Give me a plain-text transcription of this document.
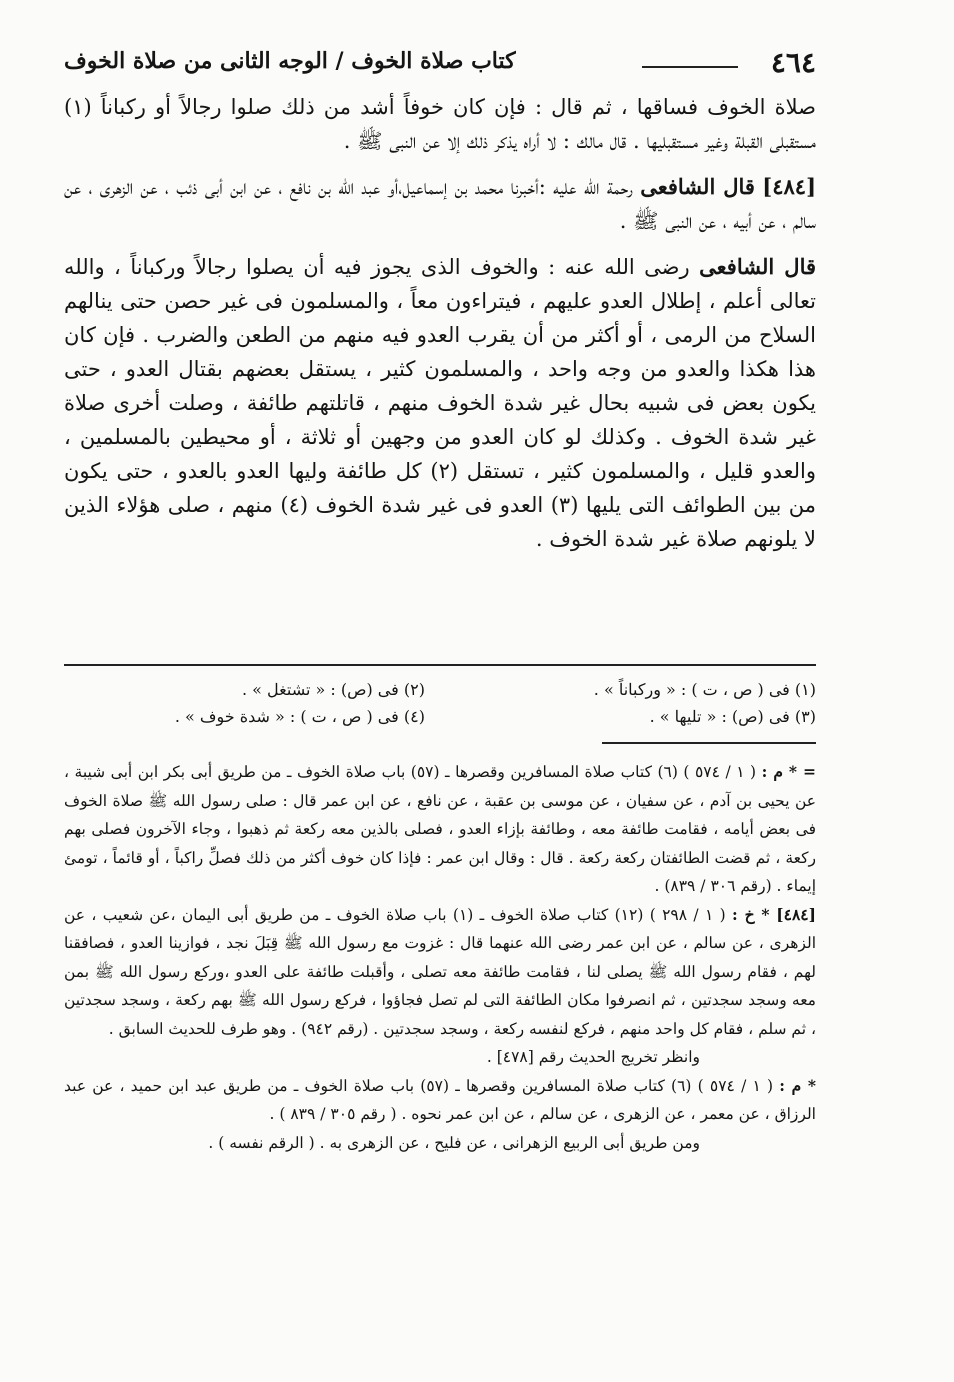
٤٦٤
كتاب صلاة الخوف / الوجه الثانى من صلاة الخوف

صلاة الخوف فساقها ، ثم قال : فإن كان خوفاً أشد من ذلك صلوا رجالاً أو ركباناً (١) مستقبلى القبلة وغير مستقبليها . قال مالك : لا أراه يذكر ذلك إلا عن النبى ﷺ .

[٤٨٤] قال الشافعى رحمة الله عليه :أخبرنا محمد بن إسماعيل،أو عبد الله بن نافع ، عن ابن أبى ذئب ، عن الزهرى ، عن سالم ، عن أبيه ، عن النبى ﷺ .

قال الشافعى رضى الله عنه : والخوف الذى يجوز فيه أن يصلوا رجالاً وركباناً ، والله تعالى أعلم ، إطلال العدو عليهم ، فيتراءون معاً ، والمسلمون فى غير حصن حتى ينالهم السلاح من الرمى ، أو أكثر من أن يقرب العدو فيه منهم من الطعن والضرب . فإن كان هذا هكذا والعدو من وجه واحد ، والمسلمون كثير ، يستقل بعضهم بقتال العدو ، حتى يكون بعض فى شبيه بحال غير شدة الخوف منهم ، قاتلتهم طائفة ، وصلت أخرى صلاة غير شدة الخوف . وكذلك لو كان العدو من وجهين أو ثلاثة ، أو محيطين بالمسلمين ، والعدو قليل ، والمسلمون كثير ، تستقل (٢) كل طائفة وليها العدو بالعدو ، حتى يكون من بين الطوائف التى يليها (٣) العدو فى غير شدة الخوف (٤) منهم ، صلى هؤلاء الذين لا يلونهم صلاة غير شدة الخوف .

(١) فى ( ص ، ت ) : « وركباناً » .
(٢) فى (ص) : « تشتغل » .
(٣) فى (ص) : « تليها » .
(٤) فى ( ص ، ت ) : « شدة خوف » .

= * م : ( ١ / ٥٧٤ ) (٦) كتاب صلاة المسافرين وقصرها ـ (٥٧) باب صلاة الخوف ـ من طريق أبى بكر ابن أبى شيبة ، عن يحيى بن آدم ، عن سفيان ، عن موسى بن عقبة ، عن نافع ، عن ابن عمر قال : صلى رسول الله ﷺ صلاة الخوف فى بعض أيامه ، فقامت طائفة معه ، وطائفة بإزاء العدو ، فصلى بالذين معه ركعة ثم ذهبوا ، وجاء الآخرون فصلى بهم ركعة ، ثم قضت الطائفتان ركعة ركعة . قال : وقال ابن عمر : فإذا كان خوف أكثر من ذلك فصلِّ راكباً ، أو قائماً ، تومئ إيماء . (رقم ٣٠٦ / ٨٣٩) .

[٤٨٤] * خ : ( ١ / ٢٩٨ ) (١٢) كتاب صلاة الخوف ـ (١) باب صلاة الخوف ـ من طريق أبى اليمان ،عن شعيب ، عن الزهرى ، عن سالم ، عن ابن عمر رضى الله عنهما قال : غزوت مع رسول الله ﷺ قِبَلَ نجد ، فوازينا العدو ، فصافقنا لهم ، فقام رسول الله ﷺ يصلى لنا ، فقامت طائفة معه تصلى ، وأقبلت طائفة على العدو ،وركع رسول الله ﷺ بمن معه وسجد سجدتين ، ثم انصرفوا مكان الطائفة التى لم تصل فجاؤوا ، فركع رسول الله ﷺ بهم ركعة ، وسجد سجدتين ، ثم سلم ، فقام كل واحد منهم ، فركع لنفسه ركعة ، وسجد سجدتين . (رقم ٩٤٢) . وهو طرف للحديث السابق .

وانظر تخريج الحديث رقم [٤٧٨] .

* م : ( ١ / ٥٧٤ ) (٦) كتاب صلاة المسافرين وقصرها ـ (٥٧) باب صلاة الخوف ـ من طريق عبد ابن حميد ، عن عبد الرزاق ، عن معمر ، عن الزهرى ، عن سالم ، عن ابن عمر نحوه . ( رقم ٣٠٥ / ٨٣٩ ) .

ومن طريق أبى الربيع الزهرانى ، عن فليح ، عن الزهرى به . ( الرقم نفسه ) .
